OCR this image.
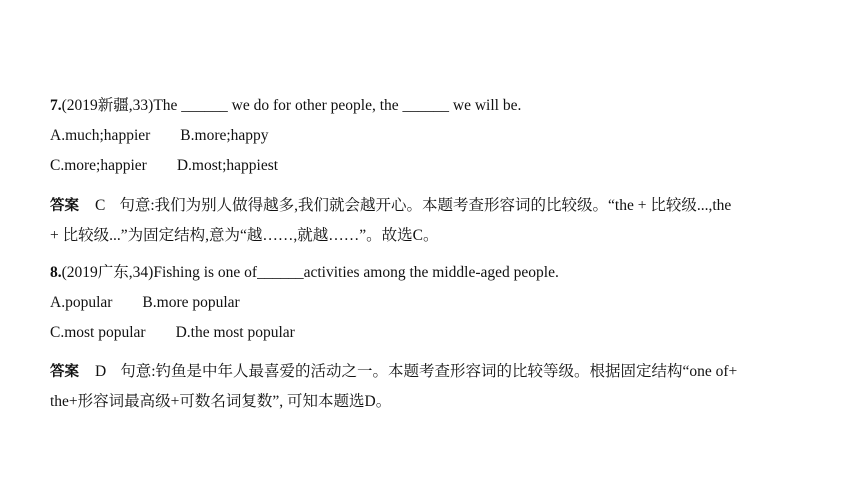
7.(2019新疆,33)The ______ we do for other people, the ______ we will be.
A.much;happier B.more;happy
C.more;happier D.most;happiest
答案 C 句意:我们为别人做得越多,我们就会越开心。本题考查形容词的比较级。“the + 比较级...,the
+ 比较级...”为固定结构,意为“越……,就越……”。故选C。
8.(2019广东,34)Fishing is one of______activities among the middle-aged people.
A.popular B.more popular
C.most popular D.the most popular
答案 D 句意:钓鱼是中年人最喜爱的活动之一。本题考查形容词的比较等级。根据固定结构“one of+
the+形容词最高级+可数名词复数”, 可知本题选D。
